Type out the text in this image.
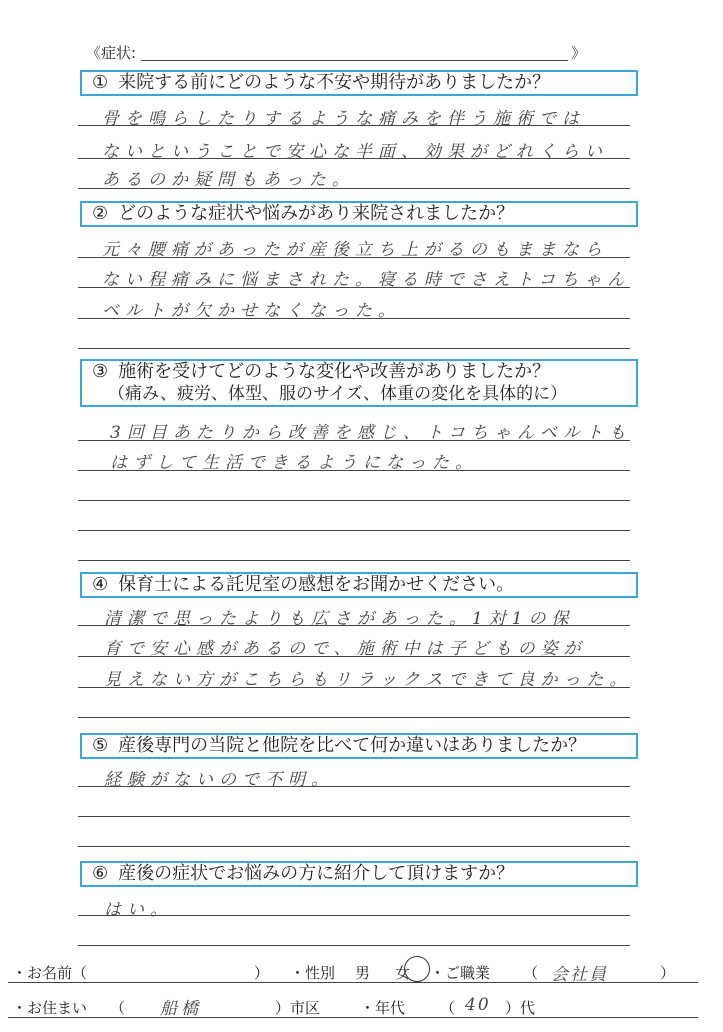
《症状:	》
① 来院する前にどのような不安や期待がありましたか？
骨を鳴らしたりするような痛みを伴う施術では
ないということで安心な半面、効果がどれくらい
あるのか疑問もあった。
② どのような症状や悩みがあり来院されましたか？
元々腰痛があったが産後立ち上がるのもままなら
ない程痛みに悩まされた。寝る時でさえトコちゃん
ベルトが欠かせなくなった。
③ 施術を受けてどのような変化や改善がありましたか？
（痛み、疲労、体型、服のサイズ、体重の変化を具体的に）
3回目あたりから改善を感じ、トコちゃんベルトも
はずして生活できるようになった。
④ 保育士による託児室の感想をお聞かせください。
清潔で思ったよりも広さがあった。1対1の保
育で安心感があるので、施術中は子どもの姿が
見えない方がこちらもリラックスできて良かった。
⑤ 産後専門の当院と他院を比べて何か違いはありましたか？
経験がないので不明。
⑥ 産後の症状でお悩みの方に紹介して頂けますか？
はい。
・お名前（	） ・性別 男 女 ・ご職業 （ 会社員	）
・お住まい （ 船橋	）市区	・年代 （ 40 ）代
